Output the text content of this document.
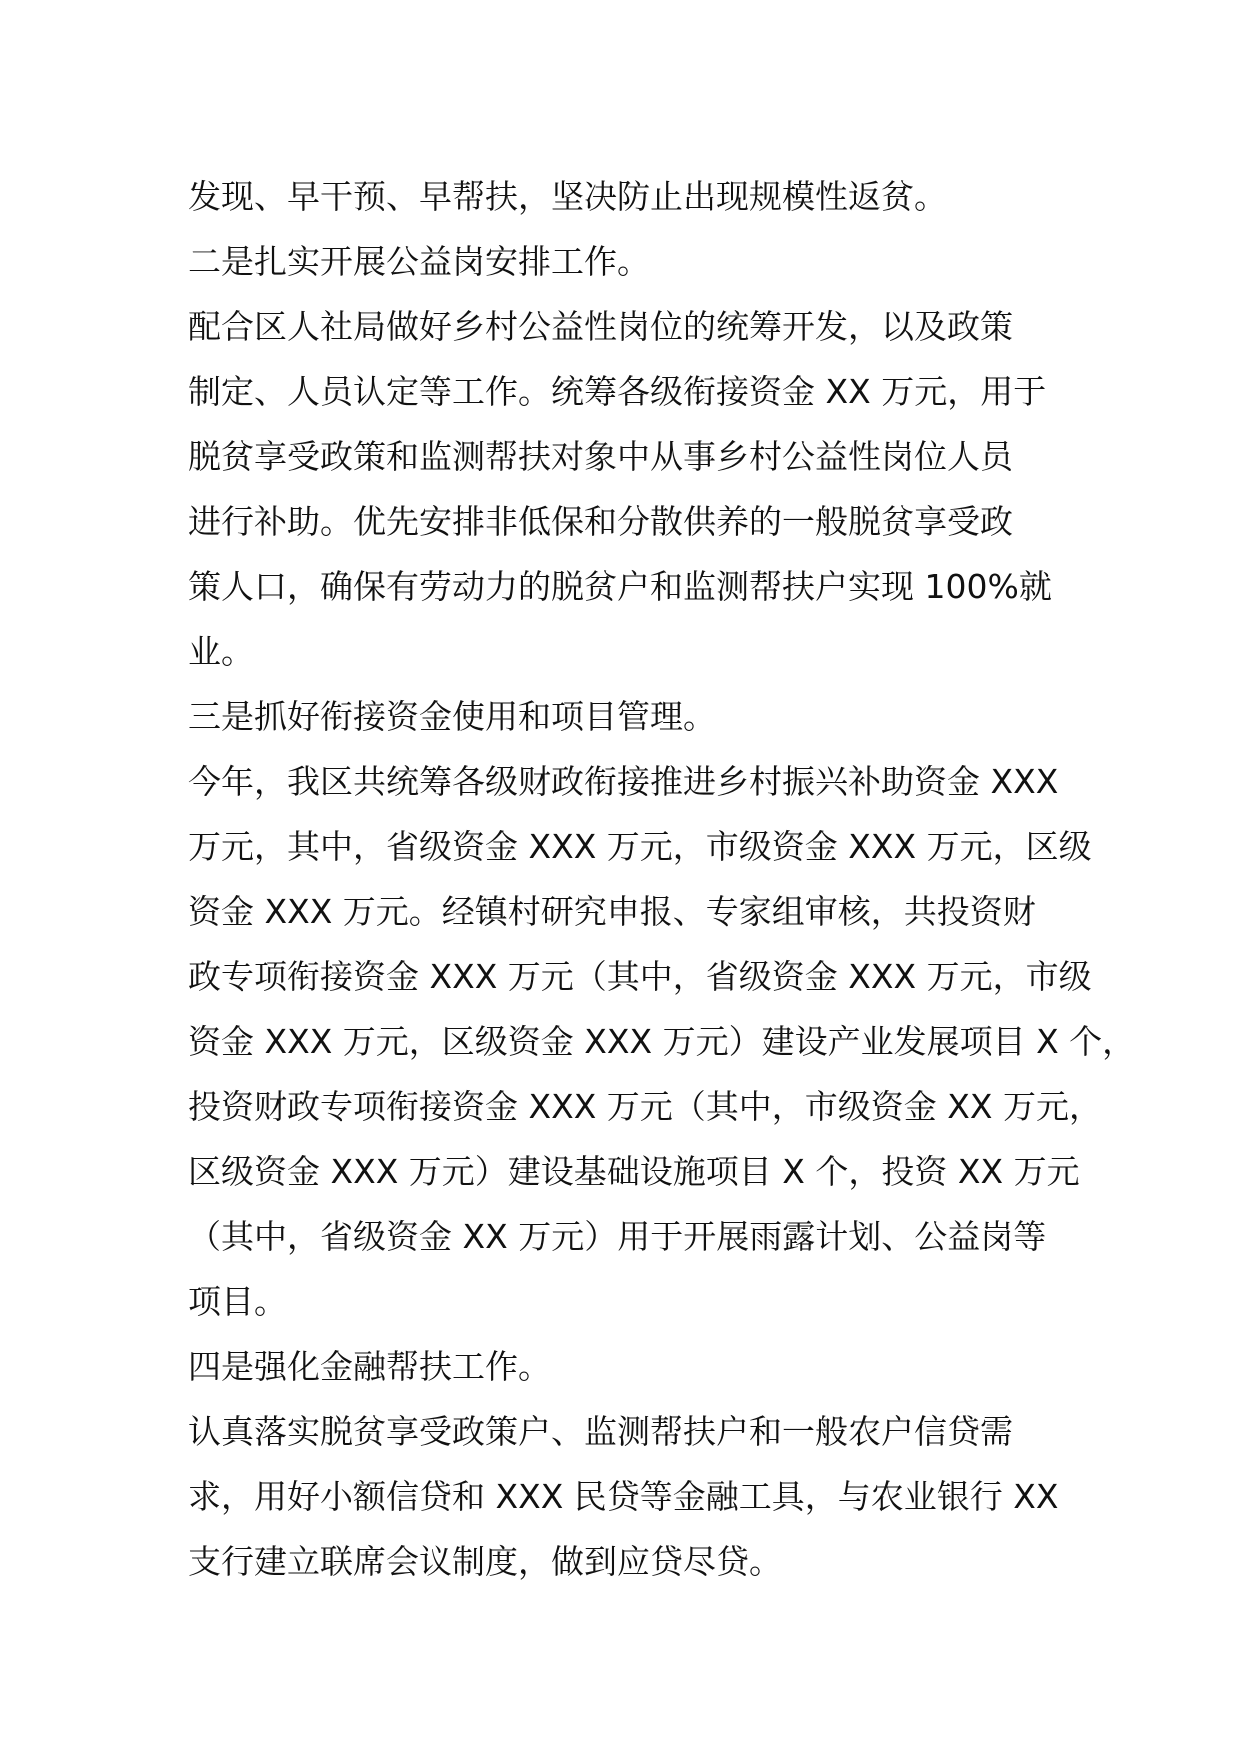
发现、早干预、早帮扶，坚决防止出现规模性返贫。
二是扎实开展公益岗安排工作。
配合区人社局做好乡村公益性岗位的统筹开发，以及政策
制定、人员认定等工作。统筹各级衔接资金 XX 万元，用于
脱贫享受政策和监测帮扶对象中从事乡村公益性岗位人员
进行补助。优先安排非低保和分散供养的一般脱贫享受政
策人口，确保有劳动力的脱贫户和监测帮扶户实现 100%就
业。
三是抓好衔接资金使用和项目管理。
今年，我区共统筹各级财政衔接推进乡村振兴补助资金 XXX
万元，其中，省级资金 XXX 万元，市级资金 XXX 万元，区级
资金 XXX 万元。经镇村研究申报、专家组审核，共投资财
政专项衔接资金 XXX 万元（其中，省级资金 XXX 万元，市级
资金 XXX 万元，区级资金 XXX 万元）建设产业发展项目 X 个，
投资财政专项衔接资金 XXX 万元（其中，市级资金 XX 万元，
区级资金 XXX 万元）建设基础设施项目 X 个，投资 XX 万元
（其中，省级资金 XX 万元）用于开展雨露计划、公益岗等
项目。
四是强化金融帮扶工作。
认真落实脱贫享受政策户、监测帮扶户和一般农户信贷需
求，用好小额信贷和 XXX 民贷等金融工具，与农业银行 XX
支行建立联席会议制度，做到应贷尽贷。
